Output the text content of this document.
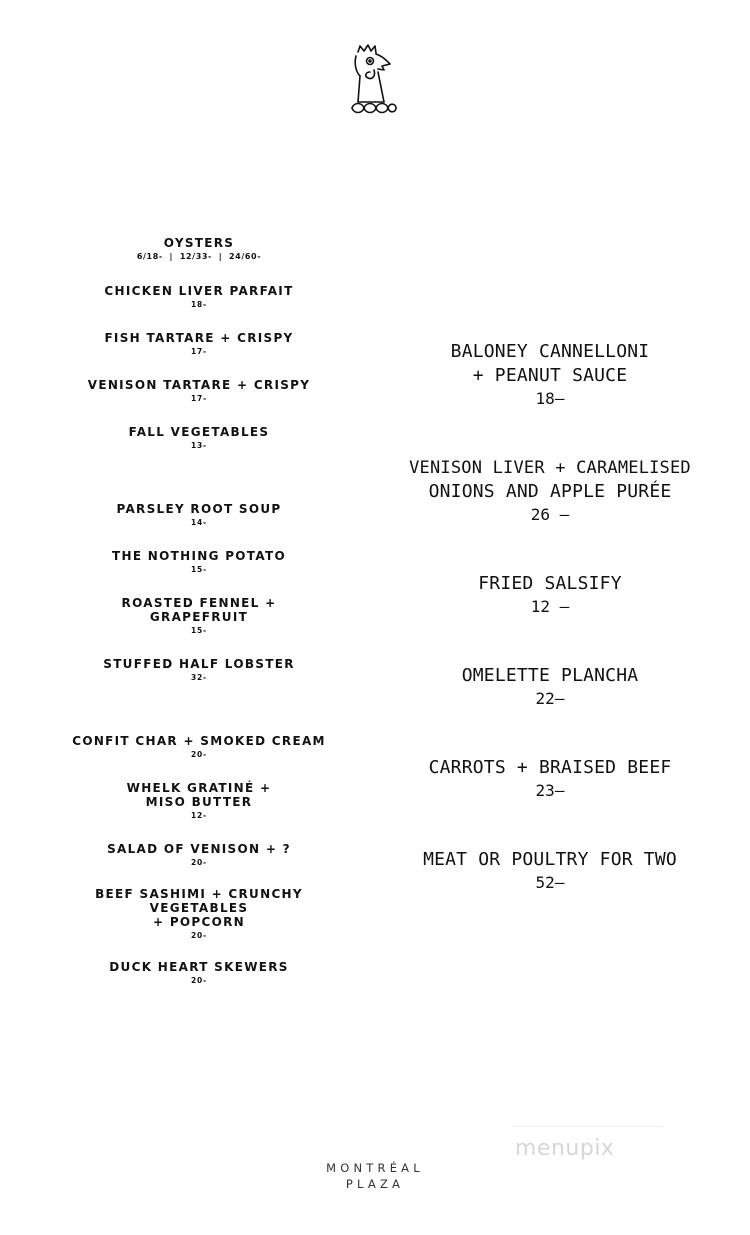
OYSTERS
6/18-  |  12/33-  |  24/60-
CHICKEN LIVER PARFAIT
18-
FISH TARTARE + CRISPY
17-
VENISON TARTARE + CRISPY
17-
FALL VEGETABLES
13-
PARSLEY ROOT SOUP
14-
THE NOTHING POTATO
15-
ROASTED FENNEL +
GRAPEFRUIT
15-
STUFFED HALF LOBSTER
32-
CONFIT CHAR + SMOKED CREAM
20-
WHELK GRATINÉ +
MISO BUTTER
12-
SALAD OF VENISON + ?
20-
BEEF SASHIMI + CRUNCHY VEGETABLES
+ POPCORN
20-
DUCK HEART SKEWERS
20-
BALONEY CANNELLONI
+ PEANUT SAUCE
18—
VENISON LIVER + CARAMELISED
ONIONS AND APPLE PURÉE
26 —
FRIED SALSIFY
12 —
OMELETTE PLANCHA
22—
CARROTS + BRAISED BEEF
23—
MEAT OR POULTRY FOR TWO
52—
MONTRÉAL
PLAZA
menupix
